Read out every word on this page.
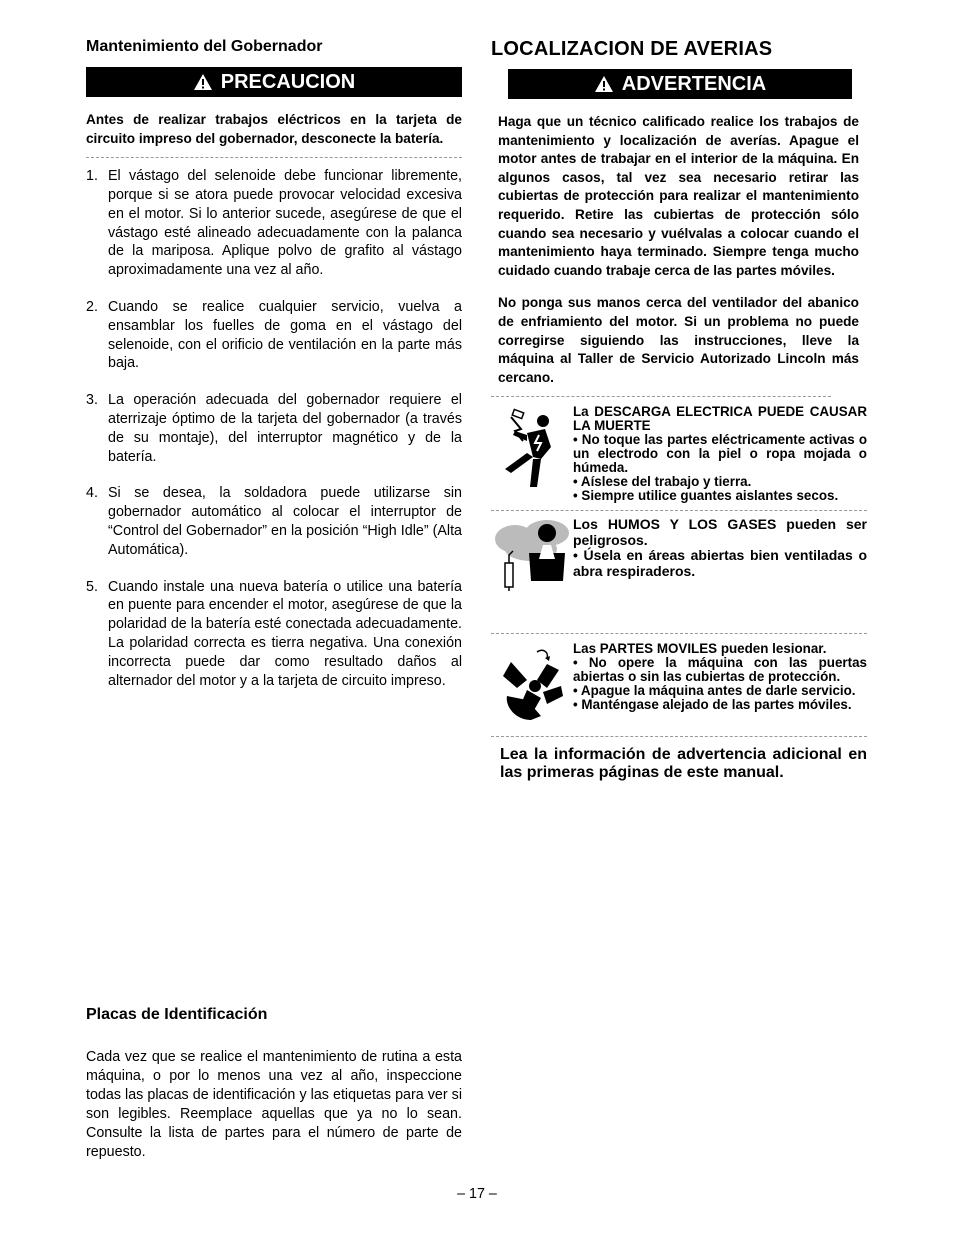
Mantenimiento del Gobernador
PRECAUCION

Antes de realizar trabajos eléctricos en la tarjeta de circuito impreso del gobernador, desconecte la batería.

1. El vástago del selenoide debe funcionar libremente, porque si se atora puede provocar velocidad excesiva en el motor. Si lo anterior sucede, asegúrese de que el vástago esté alineado adecuadamente con la palanca de la mariposa. Aplique polvo de grafito al vástago aproximadamente una vez al año.
2. Cuando se realice cualquier servicio, vuelva a ensamblar los fuelles de goma en el vástago del selenoide, con el orificio de ventilación en la parte más baja.
3. La operación adecuada del gobernador requiere el aterrizaje óptimo de la tarjeta del gobernador (a través de su montaje), del interruptor magnético y de la batería.
4. Si se desea, la soldadora puede utilizarse sin gobernador automático al colocar el interruptor de “Control del Gobernador” en la posición “High Idle” (Alta Automática).
5. Cuando instale una nueva batería o utilice una batería en puente para encender el motor, asegúrese de que la polaridad de la batería esté conectada adecuadamente. La polaridad correcta es tierra negativa. Una conexión incorrecta puede dar como resultado daños al alternador del motor y a la tarjeta de circuito impreso.
Placas de Identificación

Cada vez que se realice el mantenimiento de rutina a esta máquina, o por lo menos una vez al año, inspeccione todas las placas de identificación y las etiquetas para ver si son legibles. Reemplace aquellas que ya no lo sean. Consulte la lista de partes para el número de parte de repuesto.

LOCALIZACION DE AVERIAS
ADVERTENCIA

Haga que un técnico calificado realice los trabajos de mantenimiento y localización de averías. Apague el motor antes de trabajar en el interior de la máquina. En algunos casos, tal vez sea necesario retirar las cubiertas de protección para realizar el mantenimiento requerido. Retire las cubiertas de protección sólo cuando sea necesario y vuélvalas a colocar cuando el mantenimiento haya terminado. Siempre tenga mucho cuidado cuando trabaje cerca de las partes móviles.

No ponga sus manos cerca del ventilador del abanico de enfriamiento del motor. Si un problema no puede corregirse siguiendo las instrucciones, lleve la máquina al Taller de Servicio Autorizado Lincoln más cercano.

La DESCARGA ELECTRICA PUEDE CAUSAR LA MUERTE
• No toque las partes eléctricamente activas o un electrodo con la piel o ropa mojada o húmeda.
• Aíslese del trabajo y tierra.
• Siempre utilice guantes aislantes secos.
Los HUMOS Y LOS GASES pueden ser peligrosos.
• Úsela en áreas abiertas bien ventiladas o abra respiraderos.
Las PARTES MOVILES pueden lesionar.
• No opere la máquina con las puertas abiertas o sin las cubiertas de protección.
• Apague la máquina antes de darle servicio.
• Manténgase alejado de las partes móviles.

Lea la información de advertencia adicional en las primeras páginas de este manual.

– 17 –
